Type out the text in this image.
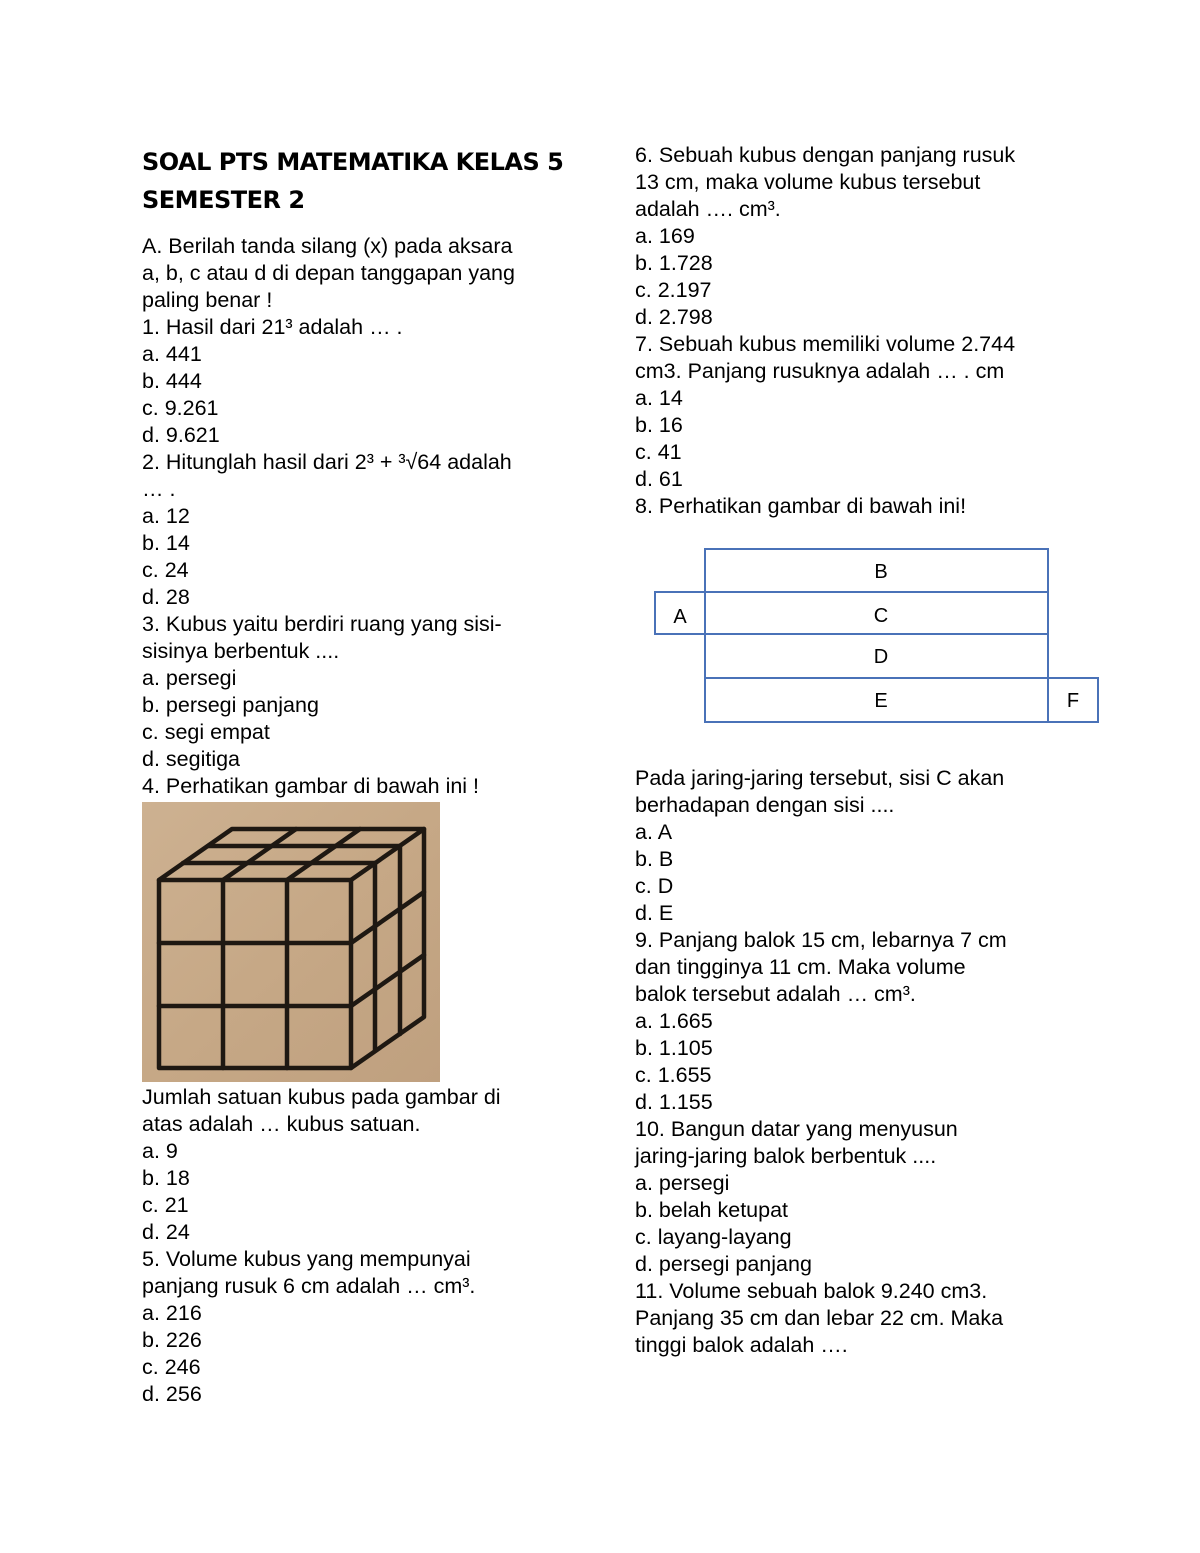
SOAL PTS MATEMATIKA KELAS 5
SEMESTER 2

A. Berilah tanda silang (x) pada aksara

a, b, c atau d di depan tanggapan yang

paling benar !

1. Hasil dari 21³ adalah … .

a. 441

b. 444

c. 9.261

d. 9.621

2. Hitunglah hasil dari 2³ + ³√64 adalah

… .

a. 12

b. 14

c. 24

d. 28

3. Kubus yaitu berdiri ruang yang sisi-

sisinya berbentuk ....

a. persegi

b. persegi panjang

c. segi empat

d. segitiga

4. Perhatikan gambar di bawah ini !

Jumlah satuan kubus pada gambar di

atas adalah … kubus satuan.

a. 9

b. 18

c. 21

d. 24

5. Volume kubus yang mempunyai

panjang rusuk 6 cm adalah … cm³.

a. 216

b. 226

c. 246

d. 256

6. Sebuah kubus dengan panjang rusuk

13 cm, maka volume kubus tersebut

adalah …. cm³.

a. 169

b. 1.728

c. 2.197

d. 2.798

7. Sebuah kubus memiliki volume 2.744

cm3. Panjang rusuknya adalah … . cm

a. 14

b. 16

c. 41

d. 61

8. Perhatikan gambar di bawah ini!

A
B
C
D
E	F

Pada jaring-jaring tersebut, sisi C akan

berhadapan dengan sisi ....

a. A

b. B

c. D

d. E

9. Panjang balok 15 cm, lebarnya 7 cm

dan tingginya 11 cm. Maka volume

balok tersebut adalah … cm³.

a. 1.665

b. 1.105

c. 1.655

d. 1.155

10. Bangun datar yang menyusun

jaring-jaring balok berbentuk ....

a. persegi

b. belah ketupat

c. layang-layang

d. persegi panjang

11. Volume sebuah balok 9.240 cm3.

Panjang 35 cm dan lebar 22 cm. Maka

tinggi balok adalah ….
